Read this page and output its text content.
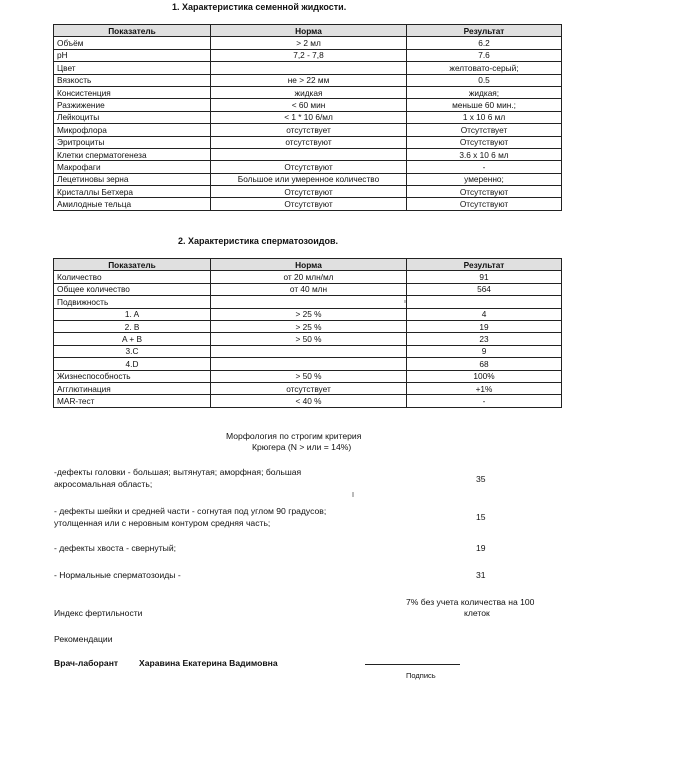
1. Характеристика семенной жидкости.
Показатель	Норма	Результат
Объём	> 2 мл	6.2
pH	7,2 - 7,8	7.6
Цвет		желтовато-серый;
Вязкость	не > 22 мм	0.5
Консистенция	жидкая	жидкая;
Разжижение	< 60 мин	меньше 60 мин.;
Лейкоциты	< 1 * 10 6/мл	1 х 10 6 мл
Микрофлора	отсутствует	Отсутствует
Эритроциты	отсутствуют	Отсутствуют
Клетки сперматогенеза		3.6 х 10 6 мл
Макрофаги	Отсутствуют	-
Лецетиновы зерна	Большое или умеренное количество	умеренно;
Кристаллы Бетхера	Отсутствуют	Отсутствуют
Амилодные тельца	Отсутствуют	Отсутствуют
2. Характеристика сперматозоидов.
Показатель	Норма	Результат
Количество	от 20 млн/мл	91
Общее количество	от 40 млн	564
Подвижность		
1. A	> 25 %	4
2. B	> 25 %	19
A + B	> 50 %	23
3.C		9
4.D		68
Жизнеспособность	> 50 %	100%
Агглютинация	отсутствует	+1%
MAR-тест	< 40 %	-
Морфология по строгим критерия
Крюгера (N > или = 14%)
-дефекты головки - большая; вытянутая; аморфная; большая
акросомальная область;	35
- дефекты шейки и средней части - согнутая под углом 90 градусов;
утолщенная или с неровным контуром средняя часть;
15
- дефекты хвоста - свернутый;	19
- Нормальные сперматозоиды -	31
Индекс фертильности
7% без учета количества на 100
клеток
Рекомендации
Врач-лаборант Харавина Екатерина Вадимовна
Подпись
